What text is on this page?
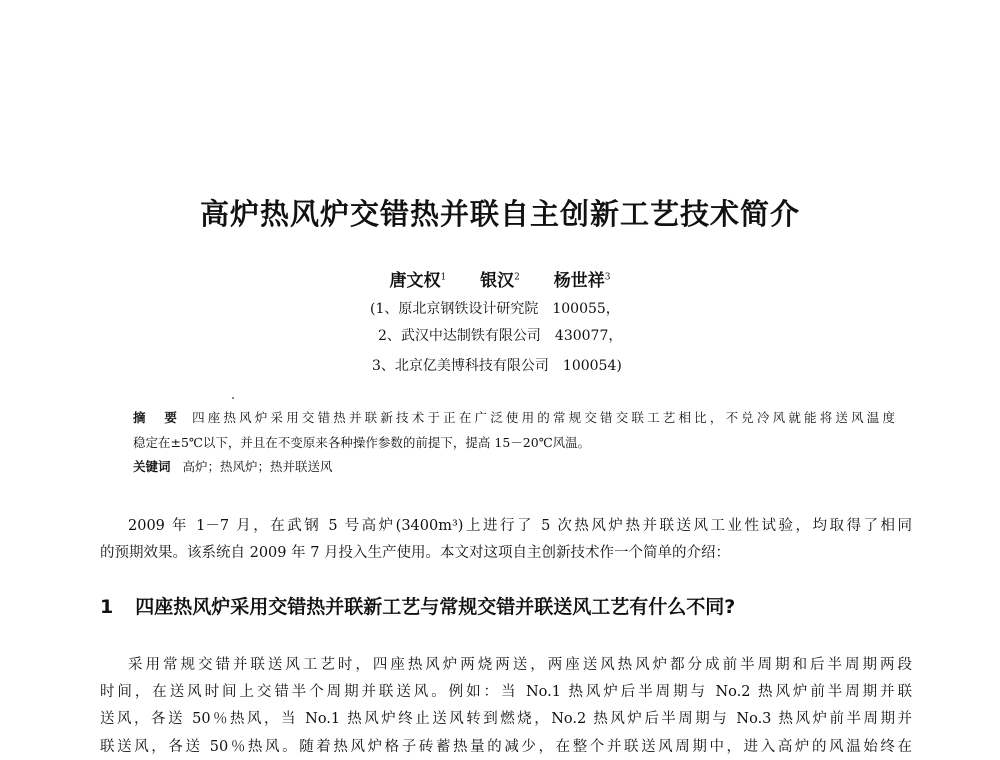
高炉热风炉交错热并联自主创新工艺技术简介
唐文权$^1$ 银汉$^2$ 杨世祥$^3$
(1、原北京钢铁设计研究院　100055，
2、武汉中达制铁有限公司　430077，
3、北京亿美博科技有限公司　100054)
摘　要 四座热风炉采用交错热并联新技术于正在广泛使用的常规交错交联工艺相比，不兑冷风就能将送风温度
稳定在±5℃以下，并且在不变原来各种操作参数的前提下，提高 15－20℃风温。
关键词 高炉；热风炉；热并联送风
2009 年 1－7 月，在武钢 5 号高炉(3400m³)上进行了 5 次热风炉热并联送风工业性试验，均取得了相同
的预期效果。该系统自 2009 年 7 月投入生产使用。本文对这项自主创新技术作一个简单的介绍：
1 四座热风炉采用交错热并联新工艺与常规交错并联送风工艺有什么不同?
采用常规交错并联送风工艺时，四座热风炉两烧两送，两座送风热风炉都分成前半周期和后半周期两段
时间，在送风时间上交错半个周期并联送风。例如：当 No.1 热风炉后半周期与 No.2 热风炉前半周期并联
送风，各送 50％热风，当 No.1 热风炉终止送风转到燃烧，No.2 热风炉后半周期与 No.3 热风炉前半周期并
联送风，各送 50％热风。随着热风炉格子砖蓄热量的减少，在整个并联送风周期中，进入高炉的风温始终在
